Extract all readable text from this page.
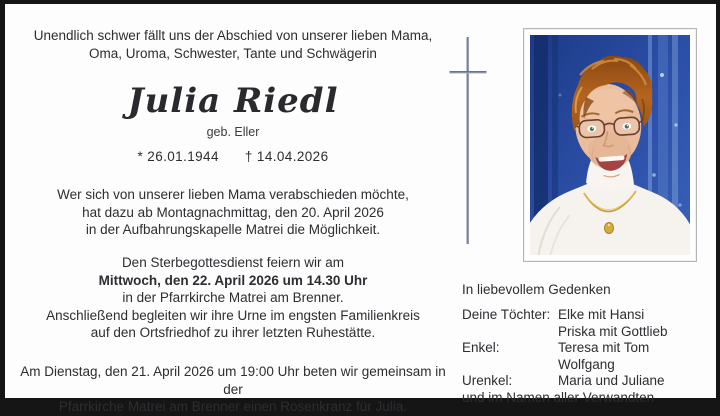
Unendlich schwer fällt uns der Abschied von unserer lieben Mama,
Oma, Uroma, Schwester, Tante und Schwägerin
Julia Riedl
geb. Eller
* 26.01.1944 † 14.04.2026
Wer sich von unserer lieben Mama verabschieden möchte,
hat dazu ab Montagnachmittag, den 20. April 2026
in der Aufbahrungskapelle Matrei die Möglichkeit.
Den Sterbegottesdienst feiern wir am
Mittwoch, den 22. April 2026 um 14.30 Uhr
in der Pfarrkirche Matrei am Brenner.
Anschließend begleiten wir ihre Urne im engsten Familienkreis
auf den Ortsfriedhof zu ihrer letzten Ruhestätte.
Am Dienstag, den 21. April 2026 um 19:00 Uhr beten wir gemeinsam in der
Pfarrkirche Matrei am Brenner einen Rosenkranz für Julia.
In liebevollem Gedenken
Deine Töchter: Elke mit Hansi
Priska mit Gottlieb
Enkel:	Teresa mit Tom
Wolfgang
Urenkel:	Maria und Juliane
und im Namen aller Verwandten
